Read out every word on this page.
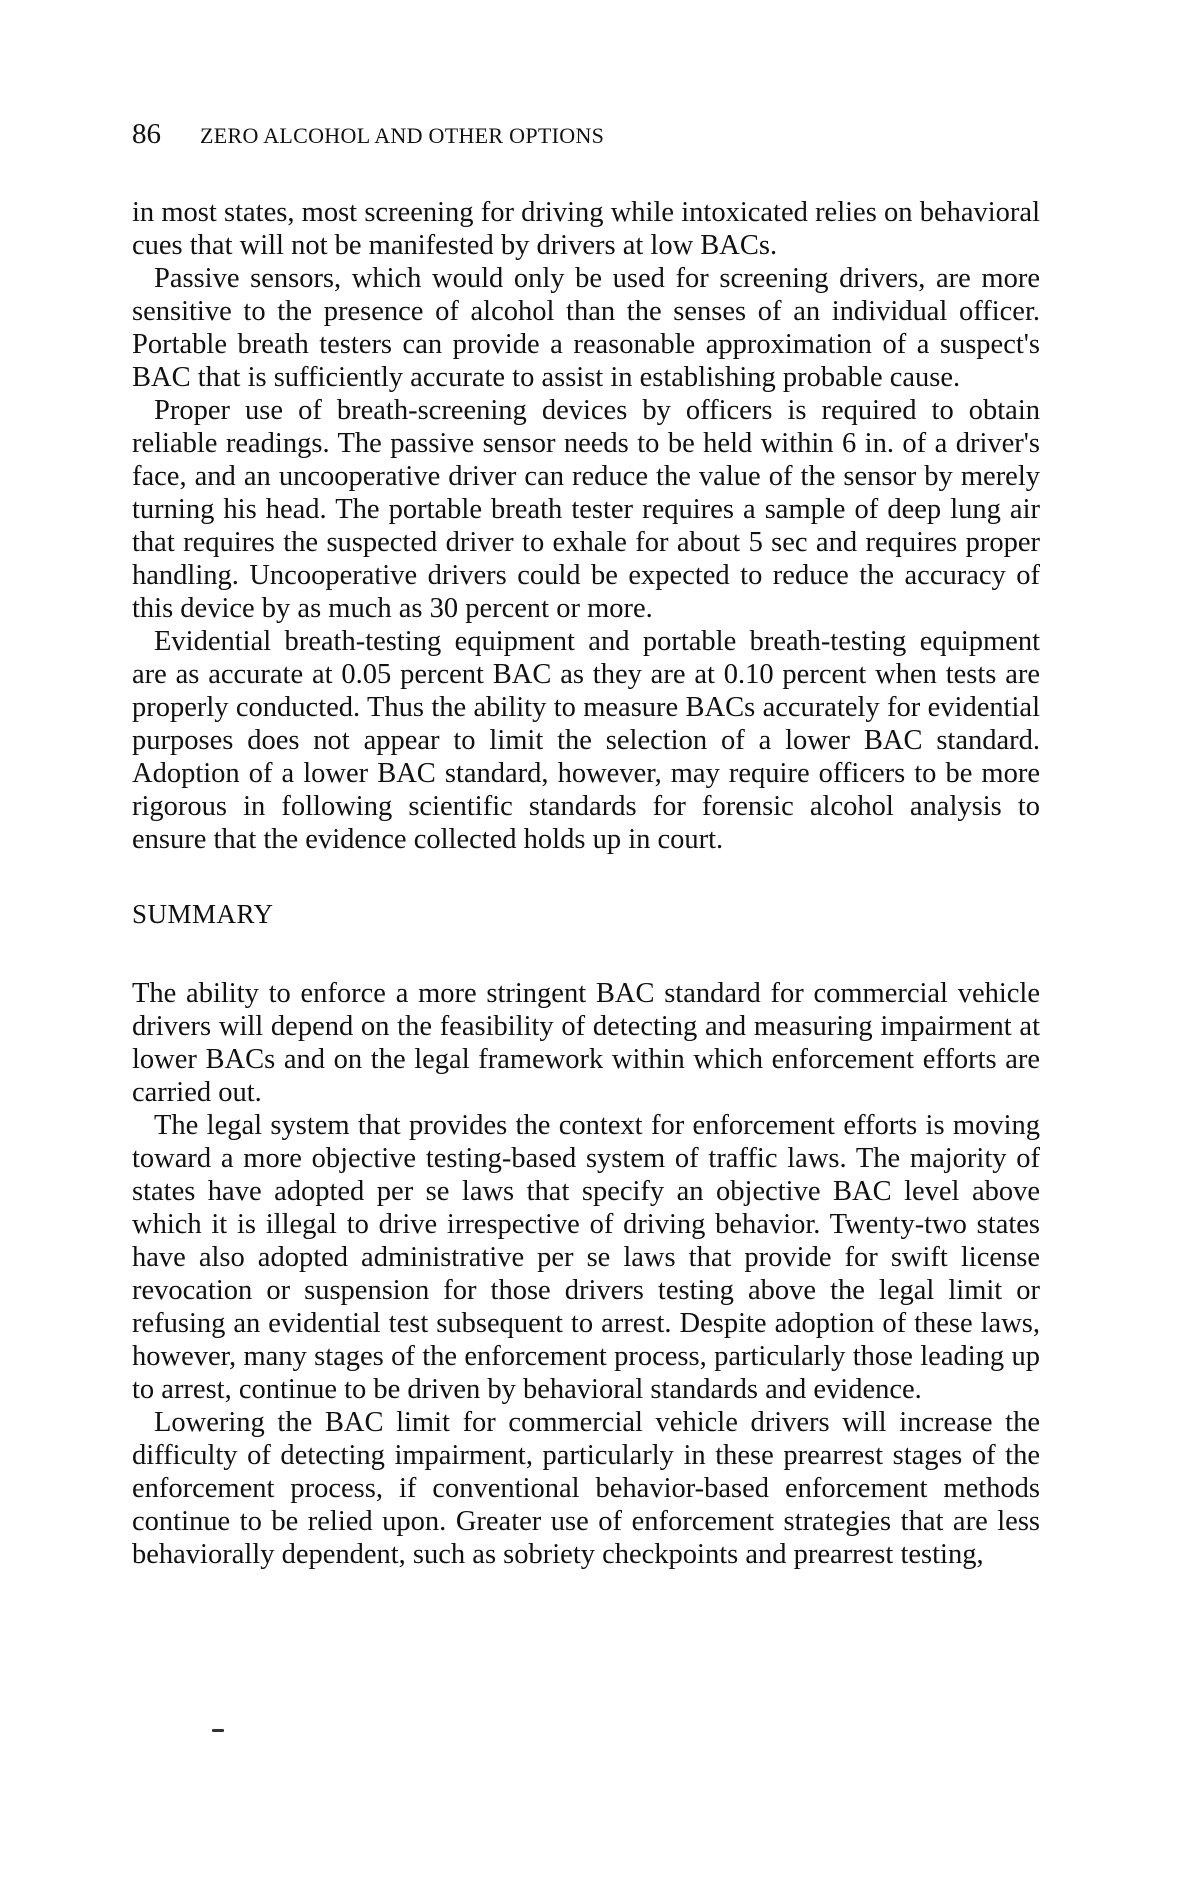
86	ZERO ALCOHOL AND OTHER OPTIONS

in most states, most screening for driving while intoxicated relies on behavioral cues that will not be manifested by drivers at low BACs.

Passive sensors, which would only be used for screening drivers, are more sensitive to the presence of alcohol than the senses of an individual officer. Portable breath testers can provide a reasonable approximation of a suspect's BAC that is sufficiently accurate to assist in establishing probable cause.

Proper use of breath-screening devices by officers is required to obtain reliable readings. The passive sensor needs to be held within 6 in. of a driver's face, and an uncooperative driver can reduce the value of the sensor by merely turning his head. The portable breath tester requires a sample of deep lung air that requires the suspected driver to exhale for about 5 sec and requires proper handling. Uncooperative drivers could be expected to reduce the accuracy of this device by as much as 30 percent or more.

Evidential breath-testing equipment and portable breath-testing equipment are as accurate at 0.05 percent BAC as they are at 0.10 percent when tests are properly conducted. Thus the ability to measure BACs accurately for evidential purposes does not appear to limit the selection of a lower BAC standard. Adoption of a lower BAC standard, however, may require officers to be more rigorous in following scientific standards for forensic alcohol analysis to ensure that the evidence collected holds up in court.

SUMMARY

The ability to enforce a more stringent BAC standard for commercial vehicle drivers will depend on the feasibility of detecting and measuring impairment at lower BACs and on the legal framework within which enforcement efforts are carried out.

The legal system that provides the context for enforcement efforts is moving toward a more objective testing-based system of traffic laws. The majority of states have adopted per se laws that specify an objective BAC level above which it is illegal to drive irrespective of driving behavior. Twenty-two states have also adopted administrative per se laws that provide for swift license revocation or suspension for those drivers testing above the legal limit or refusing an evidential test subsequent to arrest. Despite adoption of these laws, however, many stages of the enforcement process, particularly those leading up to arrest, continue to be driven by behavioral standards and evidence.

Lowering the BAC limit for commercial vehicle drivers will increase the difficulty of detecting impairment, particularly in these prearrest stages of the enforcement process, if conventional behavior-based enforcement methods continue to be relied upon. Greater use of enforcement strategies that are less behaviorally dependent, such as sobriety checkpoints and prearrest testing,
